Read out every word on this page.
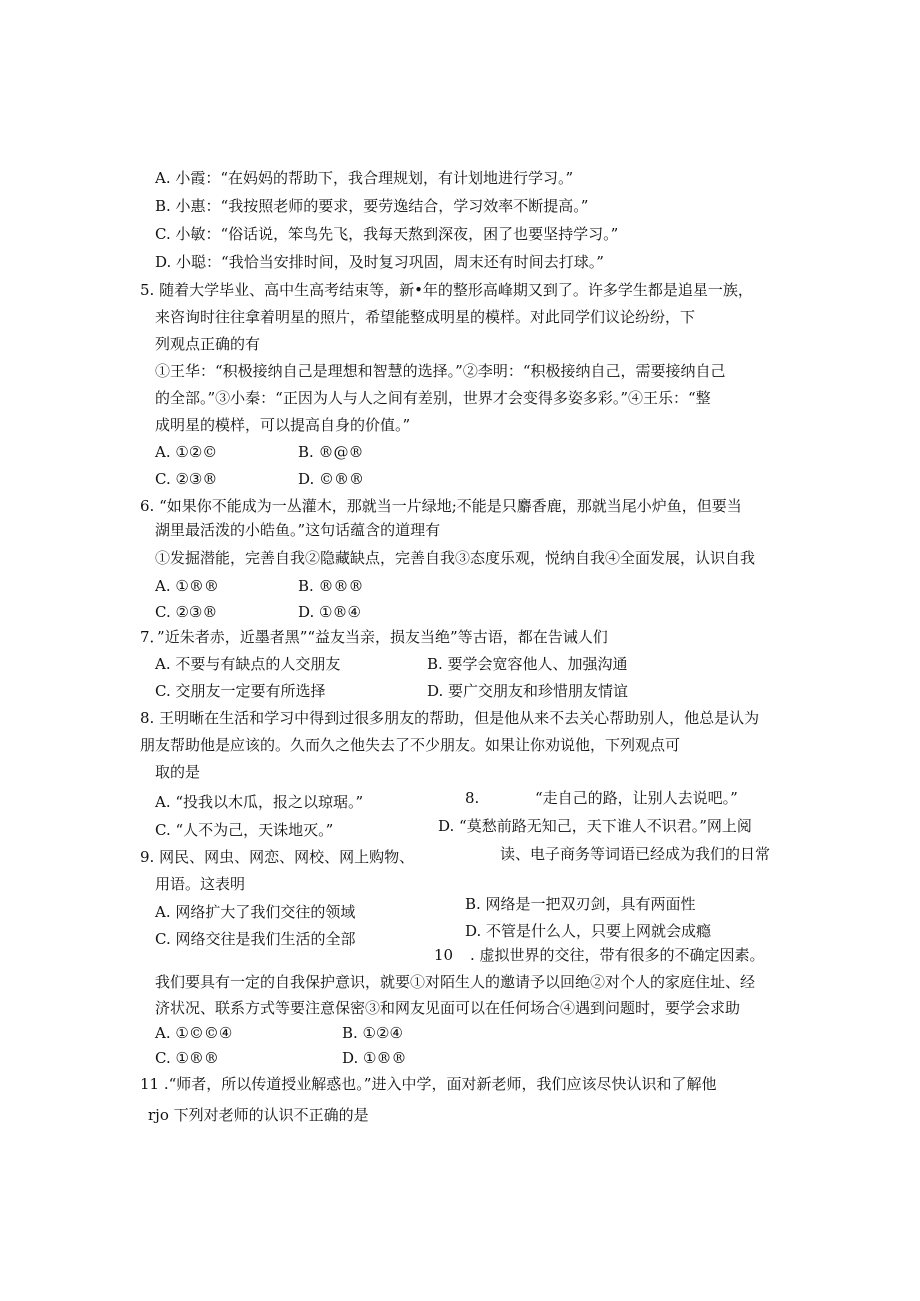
A. 小霞：“在妈妈的帮助下，我合理规划，有计划地进行学习。”
B. 小惠：“我按照老师的要求，要劳逸结合，学习效率不断提高。”
C. 小敏：“俗话说，笨鸟先飞，我每天熬到深夜，困了也要坚持学习。”
D. 小聪：“我恰当安排时间，及时复习巩固，周末还有时间去打球。”
5. 随着大学毕业、高中生高考结束等，新•年的整形高峰期又到了。许多学生都是追星一族，
来咨询时往往拿着明星的照片，希望能整成明星的模样。对此同学们议论纷纷，下
列观点正确的有
①王华：“积极接纳自己是理想和智慧的选择。”②李明：“积极接纳自己，需要接纳自己
的全部。”③小秦：“正因为人与人之间有差别，世界才会变得多姿多彩。”④王乐：“整
成明星的模样，可以提高自身的价值。”
A. ①②©	B. ®@®
C. ②③®	D. ©®®
6. “如果你不能成为一丛灌木，那就当一片绿地;不能是只麝香鹿，那就当尾小炉鱼，但要当
湖里最活泼的小皓鱼。”这句话蕴含的道理有
①发掘潜能，完善自我②隐藏缺点，完善自我③态度乐观，悦纳自我④全面发展，认识自我
A. ①®®	B. ®®®
C. ②③®	D. ①®④
7．”近朱者赤，近墨者黑”“益友当亲，损友当绝”等古语，都在告诫人们
A. 不要与有缺点的人交朋友	B. 要学会宽容他人、加强沟通
C. 交朋友一定要有所选择	D. 要广交朋友和珍惜朋友情谊
8. 王明晰在生活和学习中得到过很多朋友的帮助，但是他从来不去关心帮助别人，他总是认为
朋友帮助他是应该的。久而久之他失去了不少朋友。如果让你劝说他，下列观点可
取的是
A. “投我以木瓜，报之以琼琚。”	8.	“走自己的路，让别人去说吧。”
C. “人不为己，天诛地灭。”	D. “莫愁前路无知己，天下谁人不识君。”网上阅
9. 网民、网虫、网恋、网校、网上购物、	读、电子商务等词语已经成为我们的日常
用语。这表明
B. 网络是一把双刃剑，具有两面性
A. 网络扩大了我们交往的领域
D. 不管是什么人，只要上网就会成瘾
C. 网络交往是我们生活的全部
10 . 虚拟世界的交往，带有很多的不确定因素。
我们要具有一定的自我保护意识，就要①对陌生人的邀请予以回绝②对个人的家庭住址、经
济状况、联系方式等要注意保密③和网友见面可以在任何场合④遇到问题时，要学会求助
A. ①©©④	B. ①②④
C. ①®®	D. ①®®
11 .“师者，所以传道授业解惑也。”进入中学，面对新老师，我们应该尽快认识和了解他
rjo 下列对老师的认识不正确的是
